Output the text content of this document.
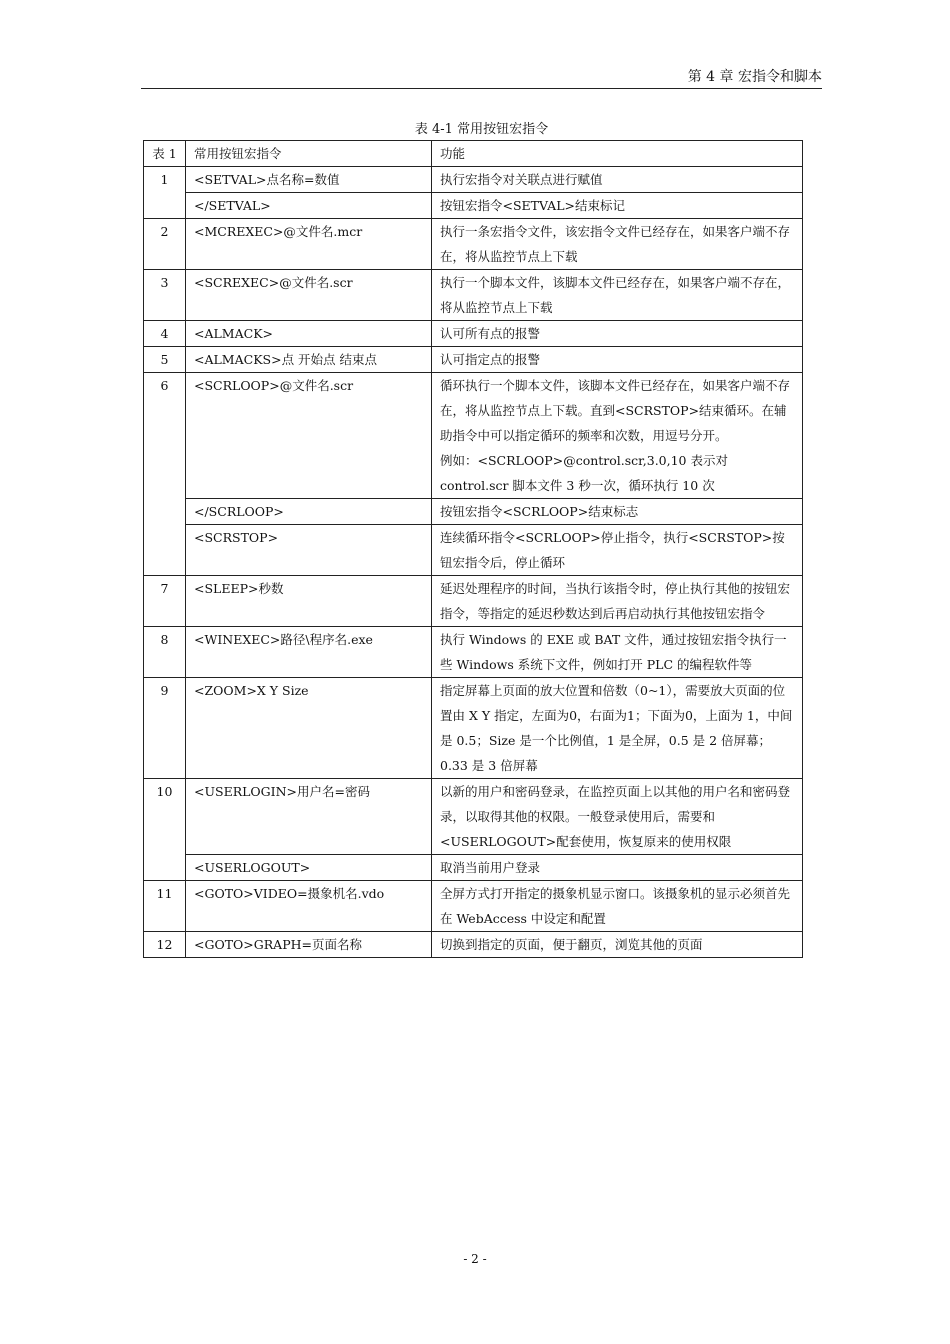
第 4 章 宏指令和脚本
表 4-1 常用按钮宏指令
表 1	常用按钮宏指令	功能
1	<SETVAL>点名称=数值	执行宏指令对关联点进行赋值
	</SETVAL>	按钮宏指令<SETVAL>结束标记
2	<MCREXEC>@文件名.mcr	执行一条宏指令文件，该宏指令文件已经存在，如果客户端不存在，将从监控节点上下载
3	<SCREXEC>@文件名.scr	执行一个脚本文件，该脚本文件已经存在，如果客户端不存在，将从监控节点上下载
4	<ALMACK>	认可所有点的报警
5	<ALMACKS>点 开始点 结束点	认可指定点的报警
6	<SCRLOOP>@文件名.scr	循环执行一个脚本文件，该脚本文件已经存在，如果客户端不存在，将从监控节点上下载。直到<SCRSTOP>结束循环。在辅助指令中可以指定循环的频率和次数，用逗号分开。
例如：<SCRLOOP>@control.scr,3.0,10 表示对 control.scr 脚本文件 3 秒一次，循环执行 10 次

	</SCRLOOP>	按钮宏指令<SCRLOOP>结束标志
	<SCRSTOP>	连续循环指令<SCRLOOP>停止指令，执行<SCRSTOP>按钮宏指令后，停止循环
7	<SLEEP>秒数	延迟处理程序的时间，当执行该指令时，停止执行其他的按钮宏指令，等指定的延迟秒数达到后再启动执行其他按钮宏指令
8	<WINEXEC>路径\程序名.exe	执行 Windows 的 EXE 或 BAT 文件，通过按钮宏指令执行一些 Windows 系统下文件，例如打开 PLC 的编程软件等
9	<ZOOM>X Y Size	指定屏幕上页面的放大位置和倍数（0~1），需要放大页面的位置由 X Y 指定，左面为0，右面为1；下面为0，上面为 1，中间是 0.5；Size 是一个比例值，1 是全屏，0.5 是 2 倍屏幕；0.33 是 3 倍屏幕
10	<USERLOGIN>用户名=密码	以新的用户和密码登录，在监控页面上以其他的用户名和密码登录，以取得其他的权限。一般登录使用后，需要和<USERLOGOUT>配套使用，恢复原来的使用权限
	<USERLOGOUT>	取消当前用户登录
11	<GOTO>VIDEO=摄象机名.vdo	全屏方式打开指定的摄象机显示窗口。该摄象机的显示必须首先在 WebAccess 中设定和配置
12	<GOTO>GRAPH=页面名称	切换到指定的页面，便于翻页，浏览其他的页面
- 2 -
